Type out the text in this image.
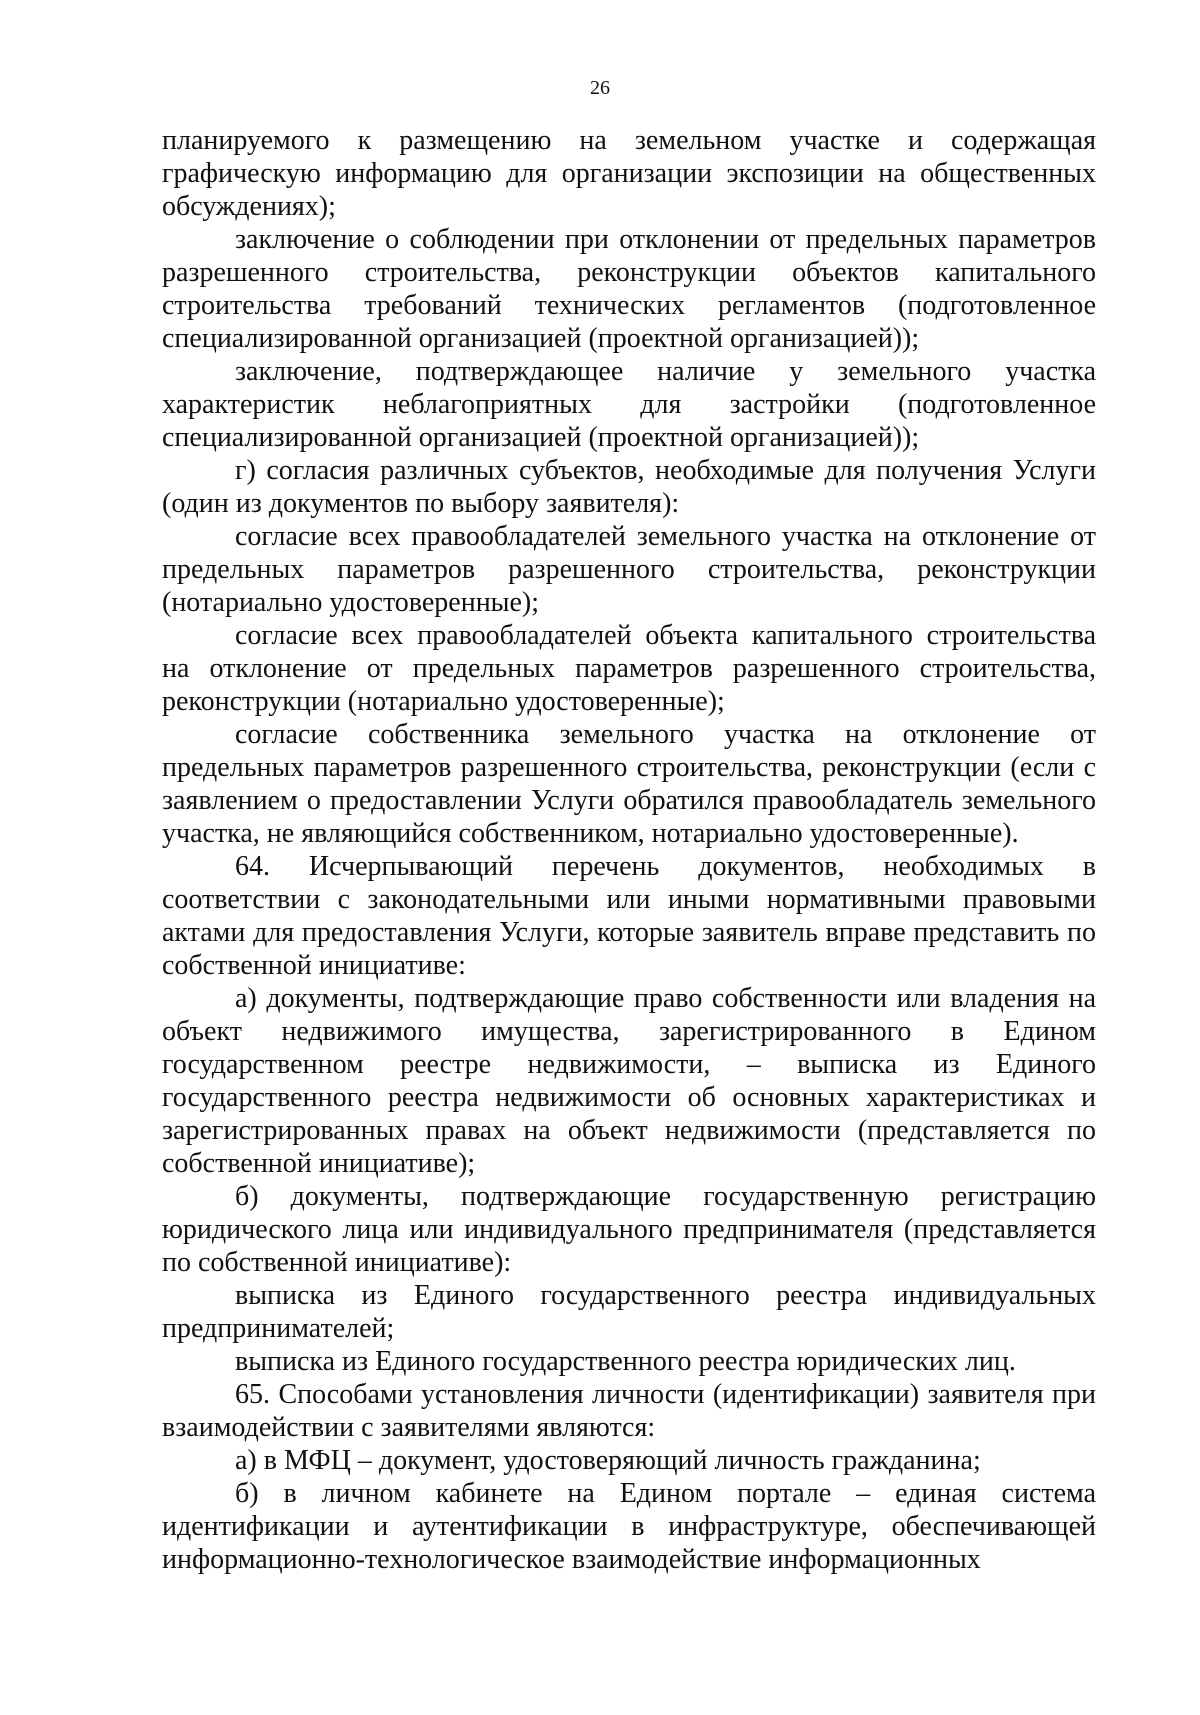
26

планируемого к размещению на земельном участке и содержащая графическую информацию для организации экспозиции на общественных обсуждениях);

заключение о соблюдении при отклонении от предельных параметров разрешенного строительства, реконструкции объектов капитального строительства требований технических регламентов (подготовленное специализированной организацией (проектной организацией));

заключение, подтверждающее наличие у земельного участка характеристик неблагоприятных для застройки (подготовленное специализированной организацией (проектной организацией));

г) согласия различных субъектов, необходимые для получения Услуги (один из документов по выбору заявителя):

согласие всех правообладателей земельного участка на отклонение от предельных параметров разрешенного строительства, реконструкции (нотариально удостоверенные);

согласие всех правообладателей объекта капитального строительства на отклонение от предельных параметров разрешенного строительства, реконструкции (нотариально удостоверенные);

согласие собственника земельного участка на отклонение от предельных параметров разрешенного строительства, реконструкции (если с заявлением о предоставлении Услуги обратился правообладатель земельного участка, не являющийся собственником, нотариально удостоверенные).

64. Исчерпывающий перечень документов, необходимых в соответствии с законодательными или иными нормативными правовыми актами для предоставления Услуги, которые заявитель вправе представить по собственной инициативе:

а) документы, подтверждающие право собственности или владения на объект недвижимого имущества, зарегистрированного в Едином государственном реестре недвижимости, – выписка из Единого государственного реестра недвижимости об основных характеристиках и зарегистрированных правах на объект недвижимости (представляется по собственной инициативе);

б) документы, подтверждающие государственную регистрацию юридического лица или индивидуального предпринимателя (представляется по собственной инициативе):

выписка из Единого государственного реестра индивидуальных предпринимателей;

выписка из Единого государственного реестра юридических лиц.

65. Способами установления личности (идентификации) заявителя при взаимодействии с заявителями являются:

а) в МФЦ – документ, удостоверяющий личность гражданина;

б) в личном кабинете на Едином портале – единая система идентификации и аутентификации в инфраструктуре, обеспечивающей информационно-технологическое взаимодействие информационных
